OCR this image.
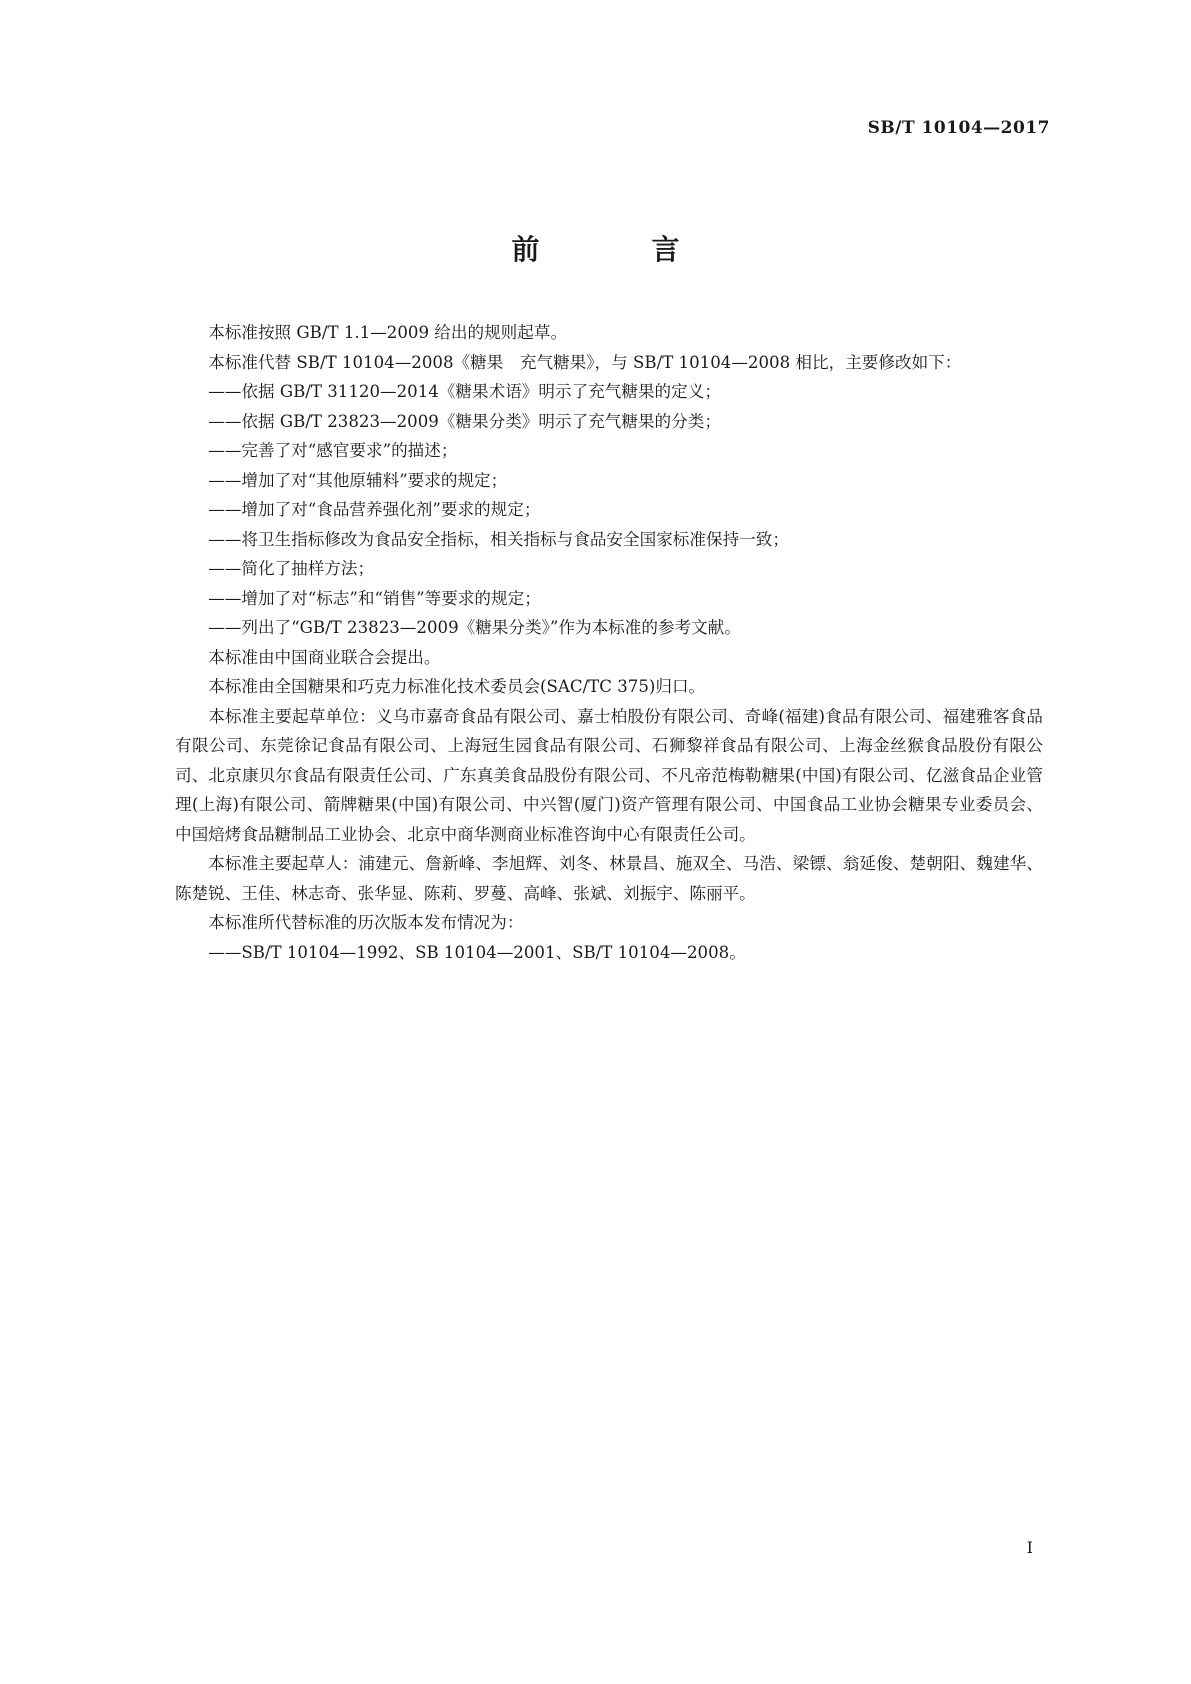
SB/T 10104—2017
前　言

本标准按照 GB/T 1.1—2009 给出的规则起草。

本标准代替 SB/T 10104—2008《糖果　充气糖果》，与 SB/T 10104—2008 相比，主要修改如下：

——依据 GB/T 31120—2014《糖果术语》明示了充气糖果的定义；

——依据 GB/T 23823—2009《糖果分类》明示了充气糖果的分类；

——完善了对“感官要求”的描述；

——增加了对“其他原辅料”要求的规定；

——增加了对“食品营养强化剂”要求的规定；

——将卫生指标修改为食品安全指标，相关指标与食品安全国家标准保持一致；

——简化了抽样方法；

——增加了对“标志”和“销售”等要求的规定；

——列出了“GB/T 23823—2009《糖果分类》”作为本标准的参考文献。

本标准由中国商业联合会提出。

本标准由全国糖果和巧克力标准化技术委员会(SAC/TC 375)归口。

本标准主要起草单位：义乌市嘉奇食品有限公司、嘉士柏股份有限公司、奇峰(福建)食品有限公司、福建雅客食品有限公司、东莞徐记食品有限公司、上海冠生园食品有限公司、石狮黎祥食品有限公司、上海金丝猴食品股份有限公司、北京康贝尔食品有限责任公司、广东真美食品股份有限公司、不凡帝范梅勒糖果(中国)有限公司、亿滋食品企业管理(上海)有限公司、箭牌糖果(中国)有限公司、中兴智(厦门)资产管理有限公司、中国食品工业协会糖果专业委员会、中国焙烤食品糖制品工业协会、北京中商华测商业标准咨询中心有限责任公司。

本标准主要起草人：浦建元、詹新峰、李旭辉、刘冬、林景昌、施双全、马浩、梁镖、翁延俊、楚朝阳、魏建华、陈楚锐、王佳、林志奇、张华显、陈莉、罗蔓、高峰、张斌、刘振宇、陈丽平。

本标准所代替标准的历次版本发布情况为：

——SB/T 10104—1992、SB 10104—2001、SB/T 10104—2008。

I
